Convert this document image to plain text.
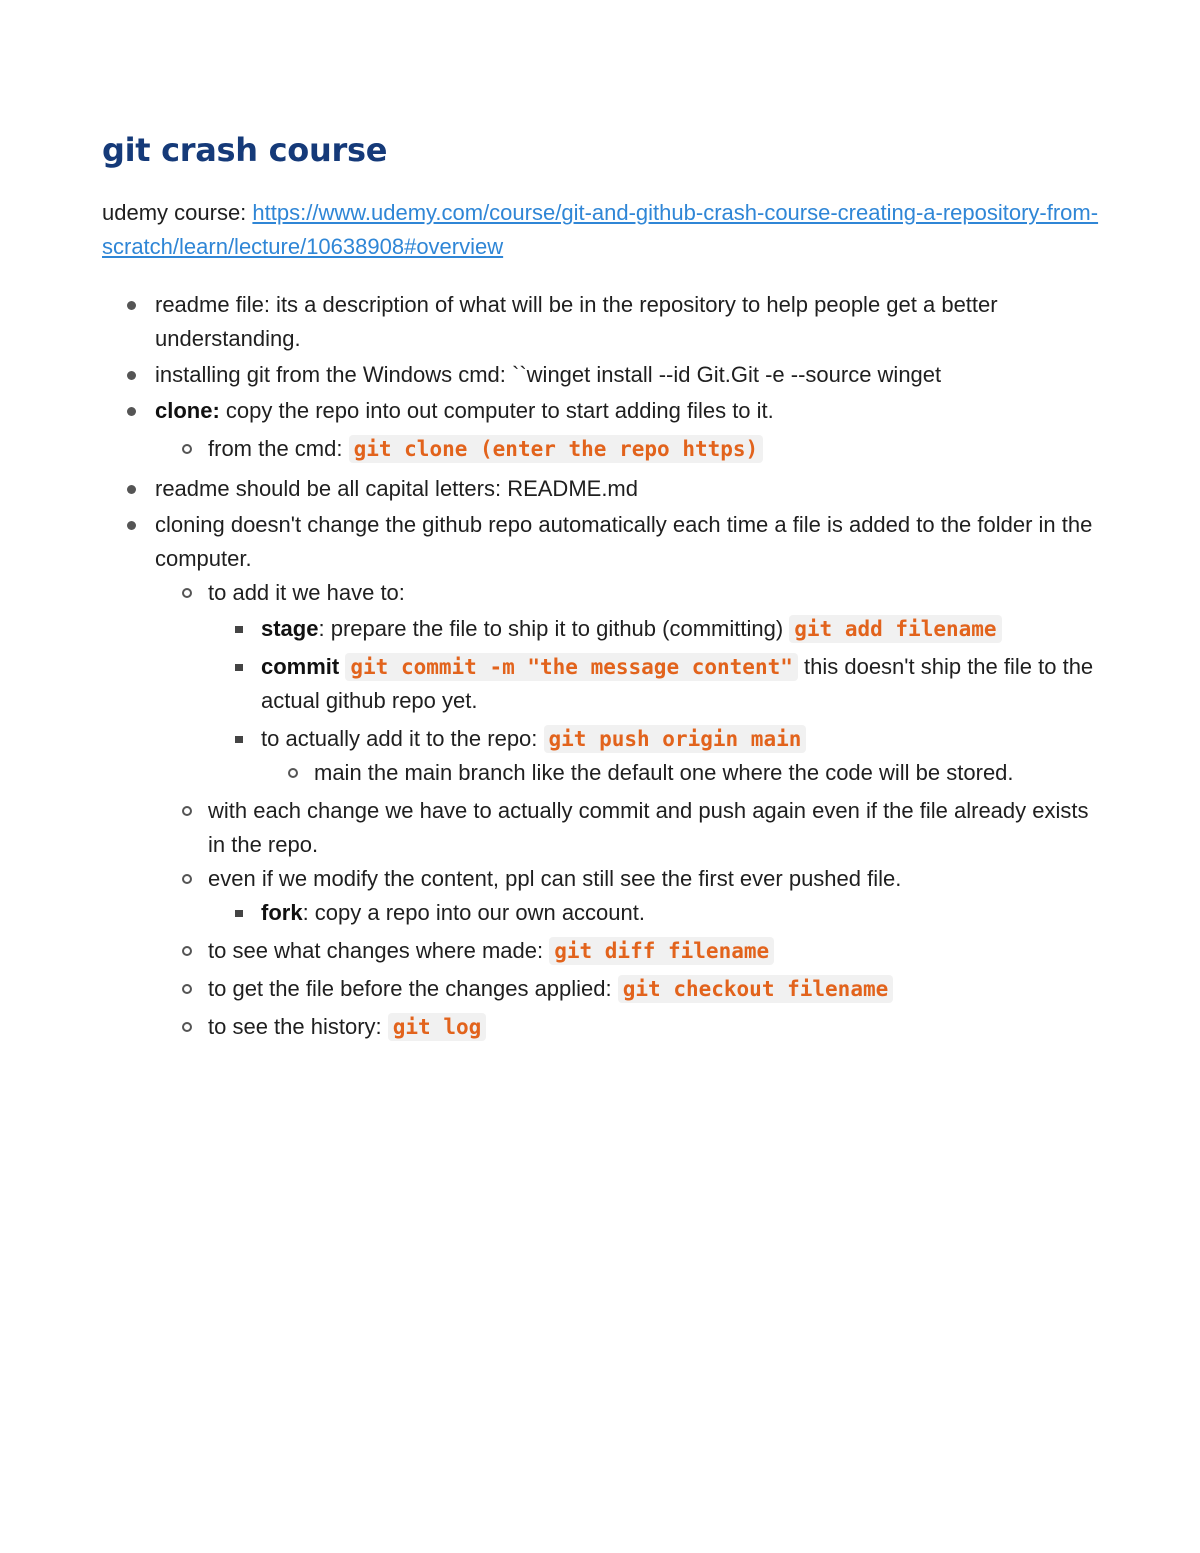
git crash course

udemy course: https://www.udemy.com/course/git-and-github-crash-course-creating-a-repository-from-scratch/learn/lecture/10638908#overview

readme file: its a description of what will be in the repository to help people get a better understanding.
installing git from the Windows cmd: ``winget install --id Git.Git -e --source winget
clone: copy the repo into out computer to start adding files to it.
from the cmd: git clone (enter the repo https)
readme should be all capital letters: README.md
cloning doesn't change the github repo automatically each time a file is added to the folder in the computer.
to add it we have to:
stage: prepare the file to ship it to github (committing) git add filename
commit git commit -m "the message content" this doesn't ship the file to the actual github repo yet.
to actually add it to the repo: git push origin main
main the main branch like the default one where the code will be stored.
with each change we have to actually commit and push again even if the file already exists in the repo.
even if we modify the content, ppl can still see the first ever pushed file.
fork: copy a repo into our own account.
to see what changes where made: git diff filename
to get the file before the changes applied: git checkout filename
to see the history: git log
